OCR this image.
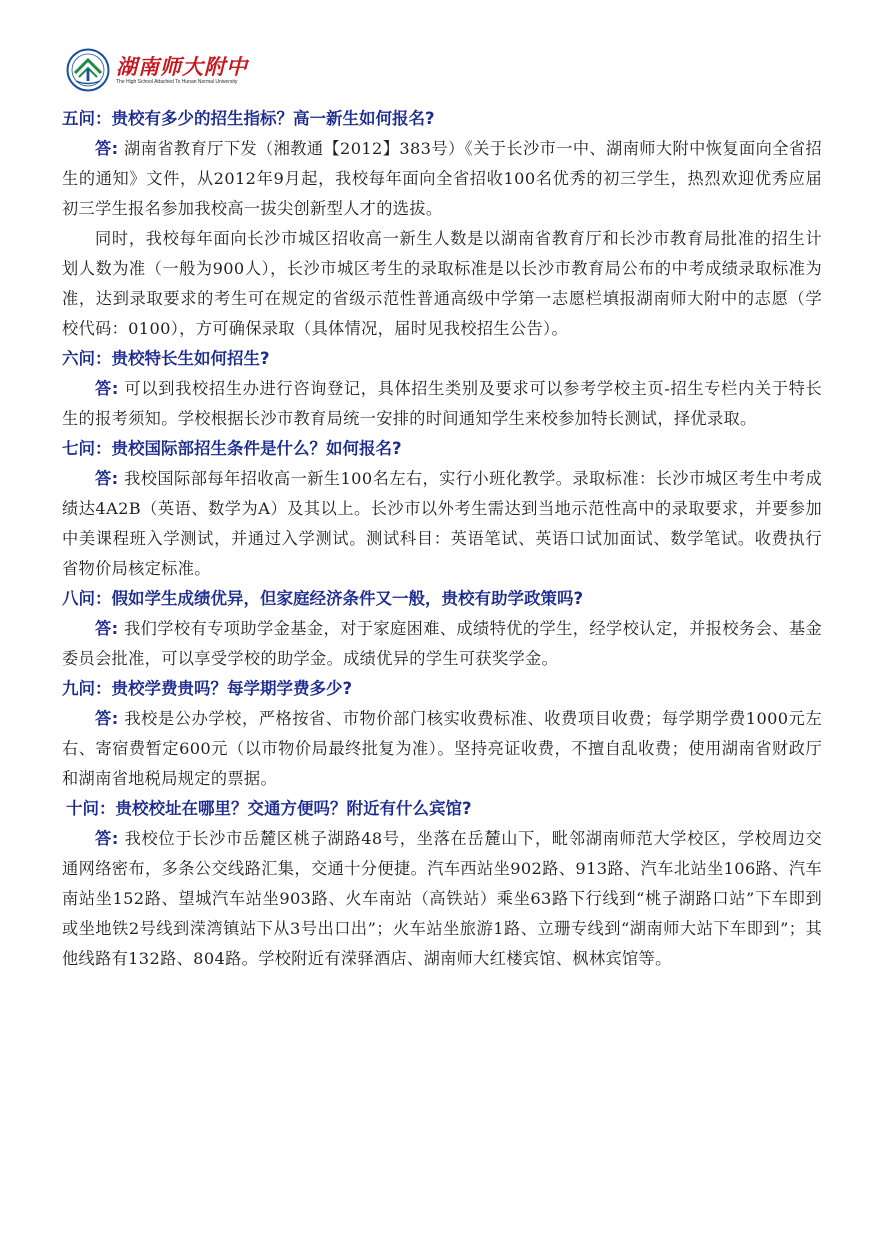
湖南师大附中
The High School Attached To Hunan Normal University
五问：贵校有多少的招生指标？高一新生如何报名?

答: 湖南省教育厅下发（湘教通【2012】383号）《关于长沙市一中、湖南师大附中恢复面向全省招生的通知》文件，从2012年9月起，我校每年面向全省招收100名优秀的初三学生，热烈欢迎优秀应届初三学生报名参加我校高一拔尖创新型人才的选拔。

同时，我校每年面向长沙市城区招收高一新生人数是以湖南省教育厅和长沙市教育局批准的招生计划人数为准（一般为900人），长沙市城区考生的录取标准是以长沙市教育局公布的中考成绩录取标准为准，达到录取要求的考生可在规定的省级示范性普通高级中学第一志愿栏填报湖南师大附中的志愿（学校代码：0100），方可确保录取（具体情况，届时见我校招生公告）。

六问：贵校特长生如何招生?

答: 可以到我校招生办进行咨询登记，具体招生类别及要求可以参考学校主页-招生专栏内关于特长生的报考须知。学校根据长沙市教育局统一安排的时间通知学生来校参加特长测试，择优录取。

七问：贵校国际部招生条件是什么？如何报名?

答: 我校国际部每年招收高一新生100名左右，实行小班化教学。录取标准：长沙市城区考生中考成绩达4A2B（英语、数学为A）及其以上。长沙市以外考生需达到当地示范性高中的录取要求，并要参加中美课程班入学测试，并通过入学测试。测试科目：英语笔试、英语口试加面试、数学笔试。收费执行省物价局核定标准。

八问：假如学生成绩优异，但家庭经济条件又一般，贵校有助学政策吗?

答: 我们学校有专项助学金基金，对于家庭困难、成绩特优的学生，经学校认定，并报校务会、基金委员会批准，可以享受学校的助学金。成绩优异的学生可获奖学金。

九问：贵校学费贵吗？每学期学费多少?

答: 我校是公办学校，严格按省、市物价部门核实收费标准、收费项目收费；每学期学费1000元左右、寄宿费暂定600元（以市物价局最终批复为准）。坚持亮证收费，不擅自乱收费；使用湖南省财政厅和湖南省地税局规定的票据。

十问：贵校校址在哪里？交通方便吗？附近有什么宾馆?

答: 我校位于长沙市岳麓区桃子湖路48号，坐落在岳麓山下，毗邻湖南师范大学校区，学校周边交通网络密布，多条公交线路汇集，交通十分便捷。汽车西站坐902路、913路、汽车北站坐106路、汽车南站坐152路、望城汽车站坐903路、火车南站（高铁站）乘坐63路下行线到“桃子湖路口站”下车即到或坐地铁2号线到溁湾镇站下从3号出口出”；火车站坐旅游1路、立珊专线到“湖南师大站下车即到”；其他线路有132路、804路。学校附近有溁驿酒店、湖南师大红楼宾馆、枫林宾馆等。
